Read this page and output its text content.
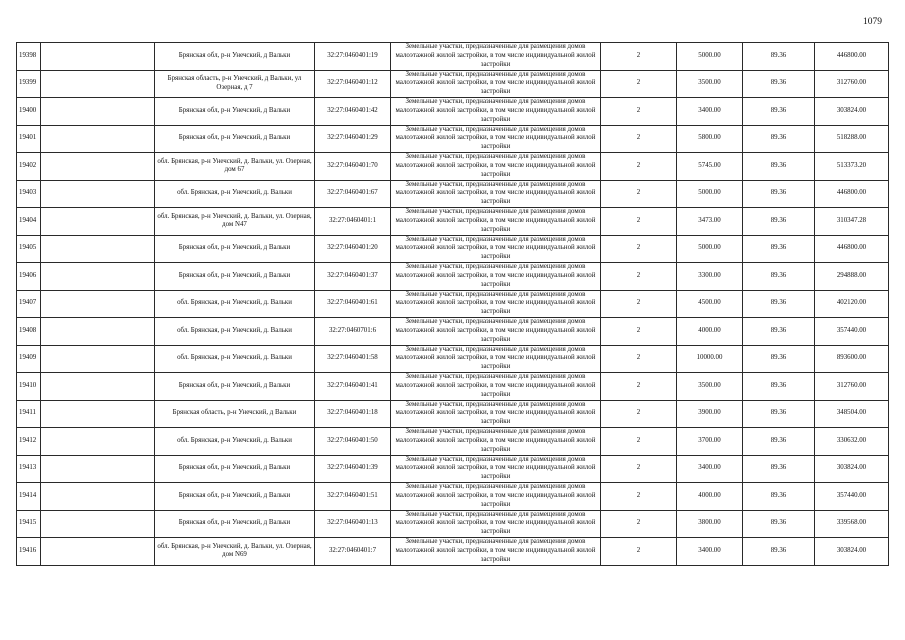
1079
19398		Брянская обл, р-н Унечский, д Вальки	32:27:0460401:19	Земельные участки, предназначенные для размещения домов малоэтажной жилой застройки, в том числе индивидуальной жилой застройки	2	5000.00	89.36	446800.00
19399		Брянская область, р-н Унечский, д Вальки, ул Озерная, д 7	32:27:0460401:12	Земельные участки, предназначенные для размещения домов малоэтажной жилой застройки, в том числе индивидуальной жилой застройки	2	3500.00	89.36	312760.00
19400		Брянская обл, р-н Унечский, д Вальки	32:27:0460401:42	Земельные участки, предназначенные для размещения домов малоэтажной жилой застройки, в том числе индивидуальной жилой застройки	2	3400.00	89.36	303824.00
19401		Брянская обл, р-н Унечский, д Вальки	32:27:0460401:29	Земельные участки, предназначенные для размещения домов малоэтажной жилой застройки, в том числе индивидуальной жилой застройки	2	5800.00	89.36	518288.00
19402		обл. Брянская, р-н Унечский, д. Вальки, ул. Озерная, дом 67	32:27:0460401:70	Земельные участки, предназначенные для размещения домов малоэтажной жилой застройки, в том числе индивидуальной жилой застройки	2	5745.00	89.36	513373.20
19403		обл. Брянская, р-н Унечский, д. Вальки	32:27:0460401:67	Земельные участки, предназначенные для размещения домов малоэтажной жилой застройки, в том числе индивидуальной жилой застройки	2	5000.00	89.36	446800.00
19404		обл. Брянская, р-н Унечский, д. Вальки, ул. Озерная, дом N47	32:27:0460401:1	Земельные участки, предназначенные для размещения домов малоэтажной жилой застройки, в том числе индивидуальной жилой застройки	2	3473.00	89.36	310347.28
19405		Брянская обл, р-н Унечский, д Вальки	32:27:0460401:20	Земельные участки, предназначенные для размещения домов малоэтажной жилой застройки, в том числе индивидуальной жилой застройки	2	5000.00	89.36	446800.00
19406		Брянская обл, р-н Унечский, д Вальки	32:27:0460401:37	Земельные участки, предназначенные для размещения домов малоэтажной жилой застройки, в том числе индивидуальной жилой застройки	2	3300.00	89.36	294888.00
19407		обл. Брянская, р-н Унечский, д. Вальки	32:27:0460401:61	Земельные участки, предназначенные для размещения домов малоэтажной жилой застройки, в том числе индивидуальной жилой застройки	2	4500.00	89.36	402120.00
19408		обл. Брянская, р-н Унечский, д. Вальки	32:27:0460701:6	Земельные участки, предназначенные для размещения домов малоэтажной жилой застройки, в том числе индивидуальной жилой застройки	2	4000.00	89.36	357440.00
19409		обл. Брянская, р-н Унечский, д. Вальки	32:27:0460401:58	Земельные участки, предназначенные для размещения домов малоэтажной жилой застройки, в том числе индивидуальной жилой застройки	2	10000.00	89.36	893600.00
19410		Брянская обл, р-н Унечский, д Вальки	32:27:0460401:41	Земельные участки, предназначенные для размещения домов малоэтажной жилой застройки, в том числе индивидуальной жилой застройки	2	3500.00	89.36	312760.00
19411		Брянская область, р-н Унечский, д Вальки	32:27:0460401:18	Земельные участки, предназначенные для размещения домов малоэтажной жилой застройки, в том числе индивидуальной жилой застройки	2	3900.00	89.36	348504.00
19412		обл. Брянская, р-н Унечский, д. Вальки	32:27:0460401:50	Земельные участки, предназначенные для размещения домов малоэтажной жилой застройки, в том числе индивидуальной жилой застройки	2	3700.00	89.36	330632.00
19413		Брянская обл, р-н Унечский, д Вальки	32:27:0460401:39	Земельные участки, предназначенные для размещения домов малоэтажной жилой застройки, в том числе индивидуальной жилой застройки	2	3400.00	89.36	303824.00
19414		Брянская обл, р-н Унечский, д Вальки	32:27:0460401:51	Земельные участки, предназначенные для размещения домов малоэтажной жилой застройки, в том числе индивидуальной жилой застройки	2	4000.00	89.36	357440.00
19415		Брянская обл, р-н Унечский, д Вальки	32:27:0460401:13	Земельные участки, предназначенные для размещения домов малоэтажной жилой застройки, в том числе индивидуальной жилой застройки	2	3800.00	89.36	339568.00
19416		обл. Брянская, р-н Унечский, д. Вальки, ул. Озерная, дом N69	32:27:0460401:7	Земельные участки, предназначенные для размещения домов малоэтажной жилой застройки, в том числе индивидуальной жилой застройки	2	3400.00	89.36	303824.00
